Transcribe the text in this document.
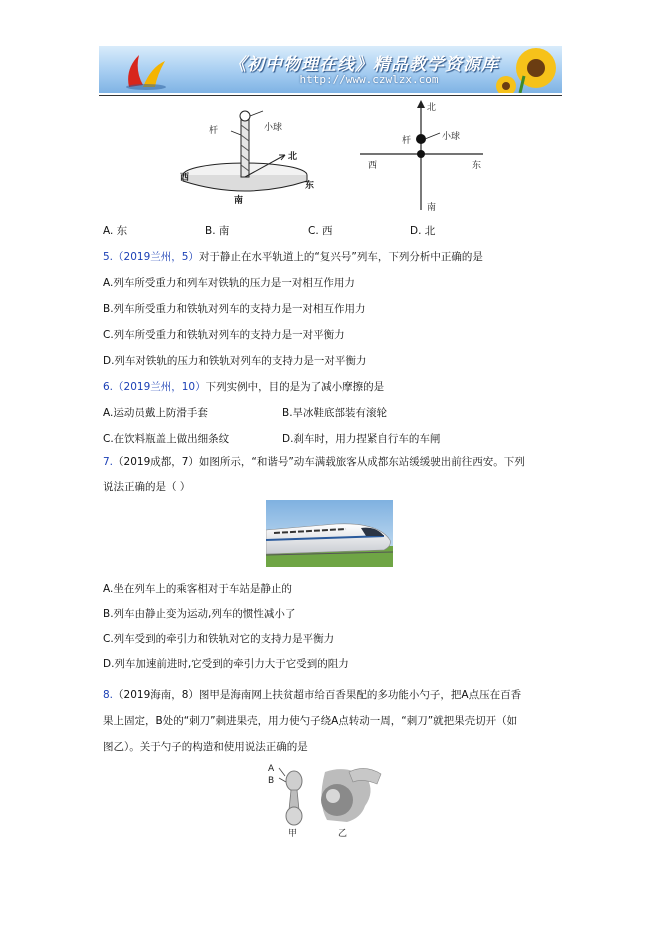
《初中物理在线》精品教学资源库
http://www.czwlzx.com
杆	小球
北
西
东
南
北
杆	小球
西	东
南
A. 东	B. 南	C. 西	D. 北
5.（2019兰州，5）对于静止在水平轨道上的“复兴号”列车，下列分析中正确的是
A.列车所受重力和列车对铁轨的压力是一对相互作用力
B.列车所受重力和铁轨对列车的支持力是一对相互作用力
C.列车所受重力和铁轨对列车的支持力是一对平衡力
D.列车对铁轨的压力和铁轨对列车的支持力是一对平衡力
6.（2019兰州，10）下列实例中，目的是为了减小摩擦的是
A.运动员戴上防滑手套	B.旱冰鞋底部装有滚轮
C.在饮料瓶盖上做出细条纹	D.刹车时，用力捏紧自行车的车闸
7.（2019成都，7）如图所示，“和谐号”动车满载旅客从成都东站缓缓驶出前往西安。下列
说法正确的是（ ）
A.坐在列车上的乘客相对于车站是静止的
B.列车由静止变为运动,列车的惯性减小了
C.列车受到的牵引力和铁轨对它的支持力是平衡力
D.列车加速前进时,它受到的牵引力大于它受到的阻力
8.（2019海南，8）图甲是海南网上扶贫超市给百香果配的多功能小勺子，把A点压在百香
果上固定，B处的“刺刀”刺进果壳，用力使勺子绕A点转动一周，“刺刀”就把果壳切开（如
图乙）。关于勺子的构造和使用说法正确的是
A
B
甲	乙
